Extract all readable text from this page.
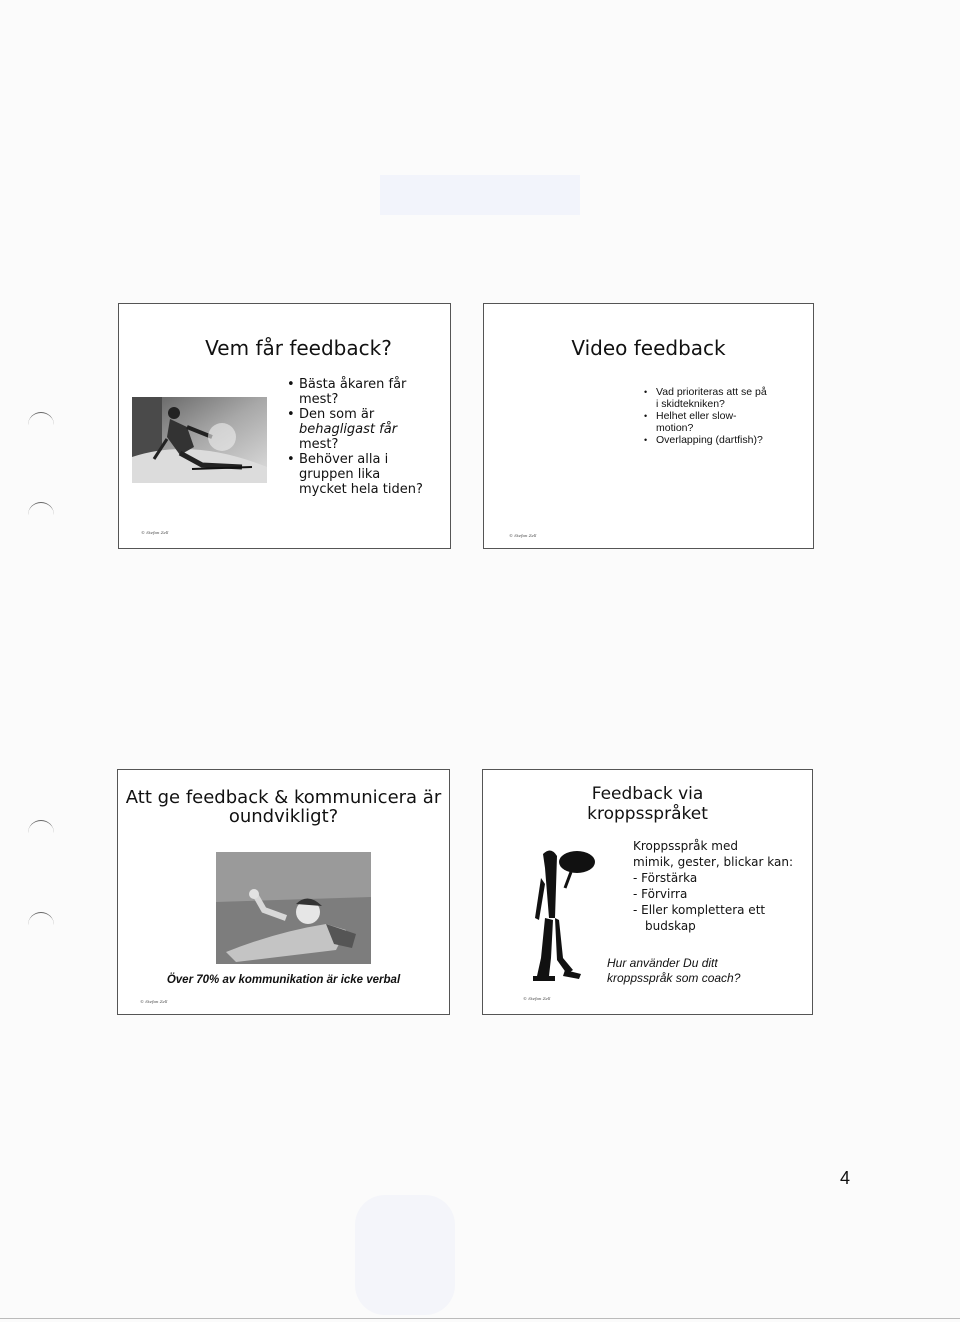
Vem får feedback?
• Bästa åkaren får
mest?
• Den som är
behagligast får
mest?
• Behöver alla i
gruppen lika
mycket hela tiden?
© Stefan Zell
Video feedback
• Vad prioriteras att se på
i skidtekniken?
• Helhet eller slow-
motion?
• Overlapping (dartfish)?
© Stefan Zell
Att ge feedback & kommunicera är
oundvikligt?
Över 70% av kommunikation är icke verbal
© Stefan Zell
Feedback via
kroppsspråket
Kroppsspråk med
mimik, gester, blickar kan:
- Förstärka
- Förvirra
- Eller komplettera ett
budskap
Hur använder Du ditt
kroppsspråk som coach?
© Stefan Zell
4
